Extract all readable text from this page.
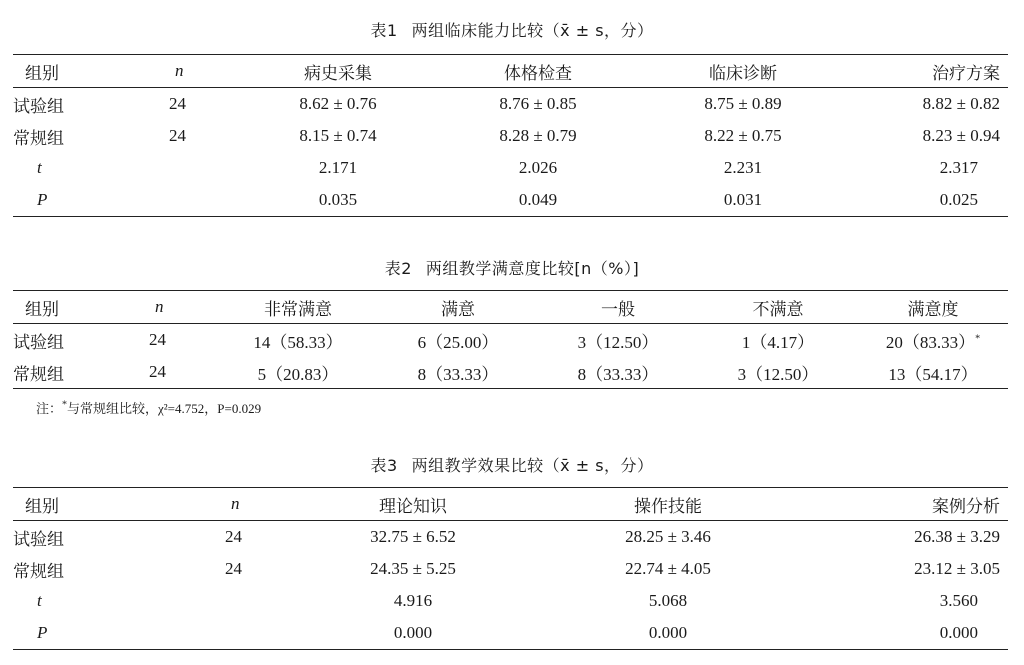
表1 两组临床能力比较（x̄ ± s，分）
组别	n	病史采集	体格检查	临床诊断	治疗方案
试验组	24	8.62 ± 0.76	8.76 ± 0.85	8.75 ± 0.89	8.82 ± 0.82
常规组	24	8.15 ± 0.74	8.28 ± 0.79	8.22 ± 0.75	8.23 ± 0.94
t		2.171	2.026	2.231	2.317
P		0.035	0.049	0.031	0.025
表2 两组教学满意度比较[n（%）]
组别	n	非常满意	满意	一般	不满意	满意度
试验组	24	14（58.33）	6（25.00）	3（12.50）	1（4.17）	20（83.33）*
常规组	24	5（20.83）	8（33.33）	8（33.33）	3（12.50）	13（54.17）
注：*与常规组比较，χ²=4.752，P=0.029
表3 两组教学效果比较（x̄ ± s，分）
组别	n	理论知识	操作技能	案例分析
试验组	24	32.75 ± 6.52	28.25 ± 3.46	26.38 ± 3.29
常规组	24	24.35 ± 5.25	22.74 ± 4.05	23.12 ± 3.05
t		4.916	5.068	3.560
P		0.000	0.000	0.000
